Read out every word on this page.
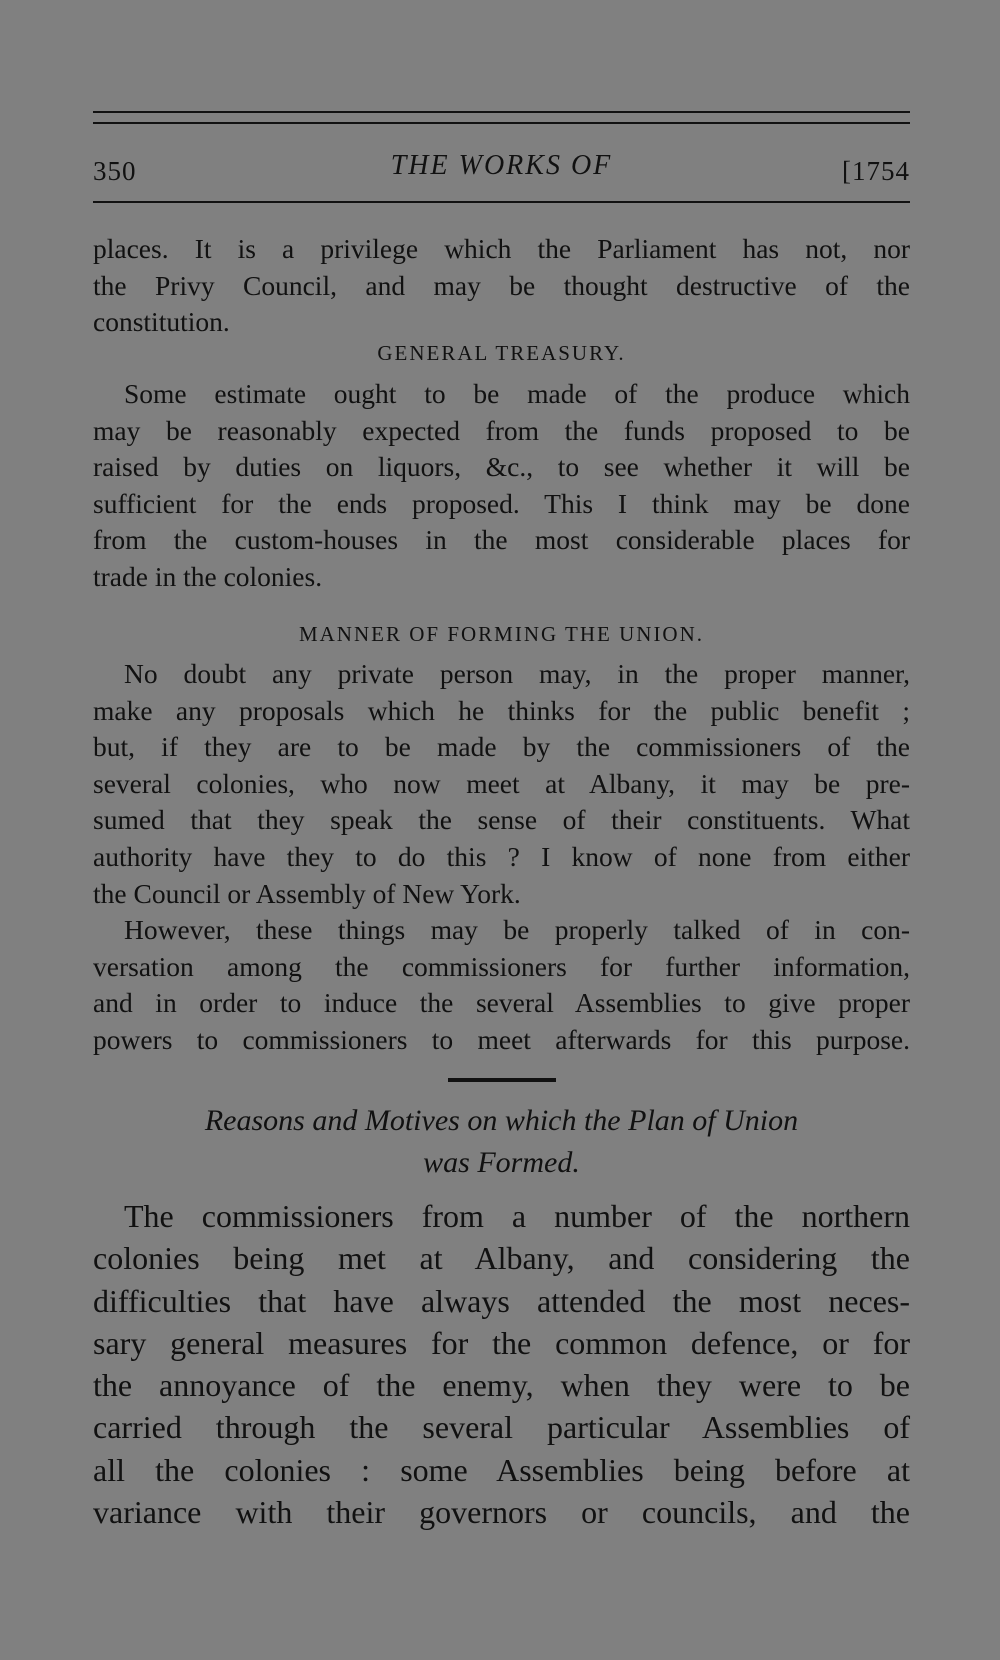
350	THE WORKS OF	[1754

places. It is a privilege which the Parliament has not, nor
the Privy Council, and may be thought destructive of the
constitution.

GENERAL TREASURY.

Some estimate ought to be made of the produce which
may be reasonably expected from the funds proposed to be
raised by duties on liquors, &c., to see whether it will be
sufficient for the ends proposed. This I think may be done
from the custom-houses in the most considerable places for
trade in the colonies.

MANNER OF FORMING THE UNION.

No doubt any private person may, in the proper manner,
make any proposals which he thinks for the public benefit ;
but, if they are to be made by the commissioners of the
several colonies, who now meet at Albany, it may be pre-
sumed that they speak the sense of their constituents. What
authority have they to do this ? I know of none from either
the Council or Assembly of New York.

However, these things may be properly talked of in con-
versation among the commissioners for further information,
and in order to induce the several Assemblies to give proper
powers to commissioners to meet afterwards for this purpose.

Reasons and Motives on which the Plan of Union
was Formed.

The commissioners from a number of the northern
colonies being met at Albany, and considering the
difficulties that have always attended the most neces-
sary general measures for the common defence, or for
the annoyance of the enemy, when they were to be
carried through the several particular Assemblies of
all the colonies : some Assemblies being before at
variance with their governors or councils, and the
